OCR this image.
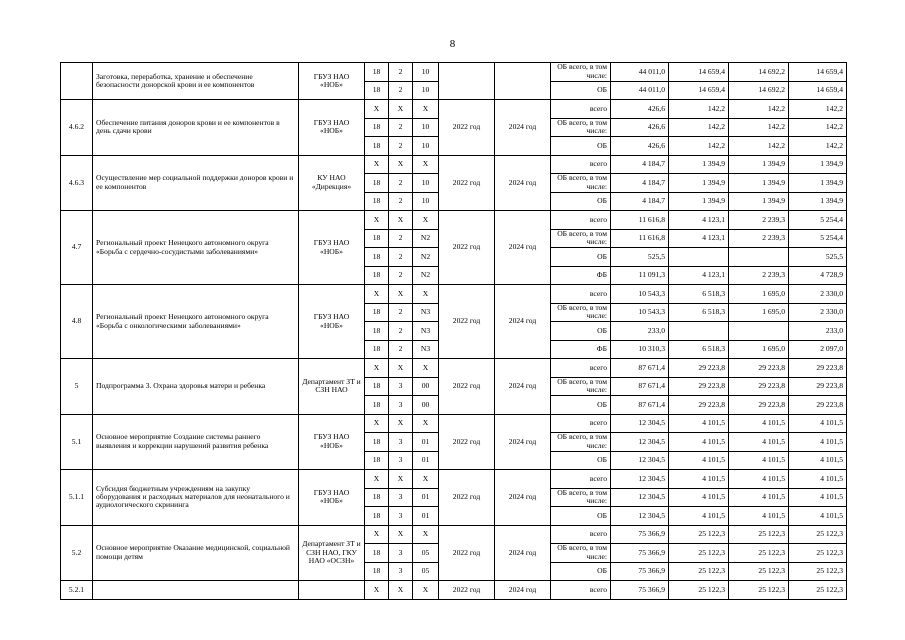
8
	Заготовка, переработка, хранение и обеспечение безопасности донорской крови и ее компонентов	ГБУЗ НАО «НОБ»	18	2	10			ОБ всего, в том числе:	44 011,0	14 659,4	14 692,2	14 659,4
			18	2	10			ОБ	44 011,0	14 659,4	14 692,2	14 659,4
4.6.2	Обеспечение питания доноров крови и ее компонентов в день сдачи крови	ГБУЗ НАО «НОБ»	Х	Х	Х	2022 год	2024 год	всего	426,6	142,2	142,2	142,2
			18	2	10			ОБ всего, в том числе:	426,6	142,2	142,2	142,2
			18	2	10			ОБ	426,6	142,2	142,2	142,2
4.6.3	Осуществление мер социальной поддержки доноров крови и ее компонентов	КУ НАО «Дирекция»	Х	Х	Х	2022 год	2024 год	всего	4 184,7	1 394,9	1 394,9	1 394,9
			18	2	10			ОБ всего, в том числе:	4 184,7	1 394,9	1 394,9	1 394,9
			18	2	10			ОБ	4 184,7	1 394,9	1 394,9	1 394,9
4.7	Региональный проект Ненецкого автономного округа «Борьба с сердечно-сосудистыми заболеваниями»	ГБУЗ НАО «НОБ»	Х	Х	Х	2022 год	2024 год	всего	11 616,8	4 123,1	2 239,3	5 254,4
			18	2	N2			ОБ всего, в том числе:	11 616,8	4 123,1	2 239,3	5 254,4
			18	2	N2			ОБ	525,5			525,5
			18	2	N2			ФБ	11 091,3	4 123,1	2 239,3	4 728,9
4.8	Региональный проект Ненецкого автономного округа «Борьба с онкологическими заболеваниями»	ГБУЗ НАО «НОБ»	Х	Х	Х	2022 год	2024 год	всего	10 543,3	6 518,3	1 695,0	2 330,0
			18	2	N3			ОБ всего, в том числе:	10 543,3	6 518,3	1 695,0	2 330,0
			18	2	N3			ОБ	233,0			233,0
			18	2	N3			ФБ	10 310,3	6 518,3	1 695,0	2 097,0
5	Подпрограмма 3. Охрана здоровья матери и ребенка	Департамент ЗТ и СЗН НАО	Х	Х	Х	2022 год	2024 год	всего	87 671,4	29 223,8	29 223,8	29 223,8
			18	3	00			ОБ всего, в том числе:	87 671,4	29 223,8	29 223,8	29 223,8
			18	3	00			ОБ	87 671,4	29 223,8	29 223,8	29 223,8
5.1	Основное мероприятие Создание системы раннего выявления и коррекции нарушений развития ребенка	ГБУЗ НАО «НОБ»	Х	Х	Х	2022 год	2024 год	всего	12 304,5	4 101,5	4 101,5	4 101,5
			18	3	01			ОБ всего, в том числе:	12 304,5	4 101,5	4 101,5	4 101,5
			18	3	01			ОБ	12 304,5	4 101,5	4 101,5	4 101,5
5.1.1	Субсидия бюджетным учреждениям на закупку оборудования и расходных материалов для неонатального и аудиологического скрининга	ГБУЗ НАО «НОБ»	Х	Х	Х	2022 год	2024 год	всего	12 304,5	4 101,5	4 101,5	4 101,5
			18	3	01			ОБ всего, в том числе:	12 304,5	4 101,5	4 101,5	4 101,5
			18	3	01			ОБ	12 304,5	4 101,5	4 101,5	4 101,5
5.2	Основное мероприятие Оказание медицинской, социальной помощи детям	Департамент ЗТ и СЗН НАО, ГКУ НАО «ОСЗН»	Х	Х	Х	2022 год	2024 год	всего	75 366,9	25 122,3	25 122,3	25 122,3
			18	3	05			ОБ всего, в том числе:	75 366,9	25 122,3	25 122,3	25 122,3
			18	3	05			ОБ	75 366,9	25 122,3	25 122,3	25 122,3
5.2.1			Х	Х	Х	2022 год	2024 год	всего	75 366,9	25 122,3	25 122,3	25 122,3
